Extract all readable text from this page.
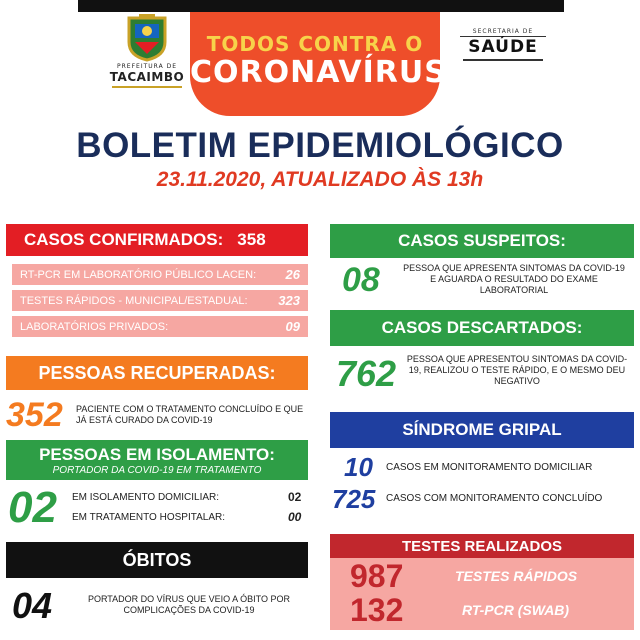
PREFEITURA DE
TACAIMBO
TODOS CONTRA O
CORONAVÍRUS
SECRETARIA DE
SAÚDE
BOLETIM EPIDEMIOLÓGICO
23.11.2020, ATUALIZADO ÀS 13h
CASOS CONFIRMADOS: 358
RT-PCR EM LABORATÓRIO PÚBLICO LACEN: 26
TESTES RÁPIDOS - MUNICIPAL/ESTADUAL: 323
LABORATÓRIOS PRIVADOS:	09
PESSOAS RECUPERADAS:
352 PACIENTE COM O TRATAMENTO CONCLUÍDO E QUE JÁ ESTÁ CURADO DA COVID-19
PESSOAS EM ISOLAMENTO:
PORTADOR DA COVID-19 EM TRATAMENTO
02 EM ISOLAMENTO DOMICILIAR:	02
EM TRATAMENTO HOSPITALAR:	00
ÓBITOS
04	PORTADOR DO VÍRUS QUE VEIO A ÓBITO POR COMPLICAÇÕES DA COVID-19
CASOS SUSPEITOS:
08	PESSOA QUE APRESENTA SINTOMAS DA COVID-19 E AGUARDA O RESULTADO DO EXAME LABORATORIAL
CASOS DESCARTADOS:
762	PESSOA QUE APRESENTOU SINTOMAS DA COVID-19, REALIZOU O TESTE RÁPIDO, E O MESMO DEU NEGATIVO
SÍNDROME GRIPAL
10 CASOS EM MONITORAMENTO DOMICILIAR
725 CASOS COM MONITORAMENTO CONCLUÍDO
TESTES REALIZADOS
987	TESTES RÁPIDOS
132	RT-PCR (SWAB)
